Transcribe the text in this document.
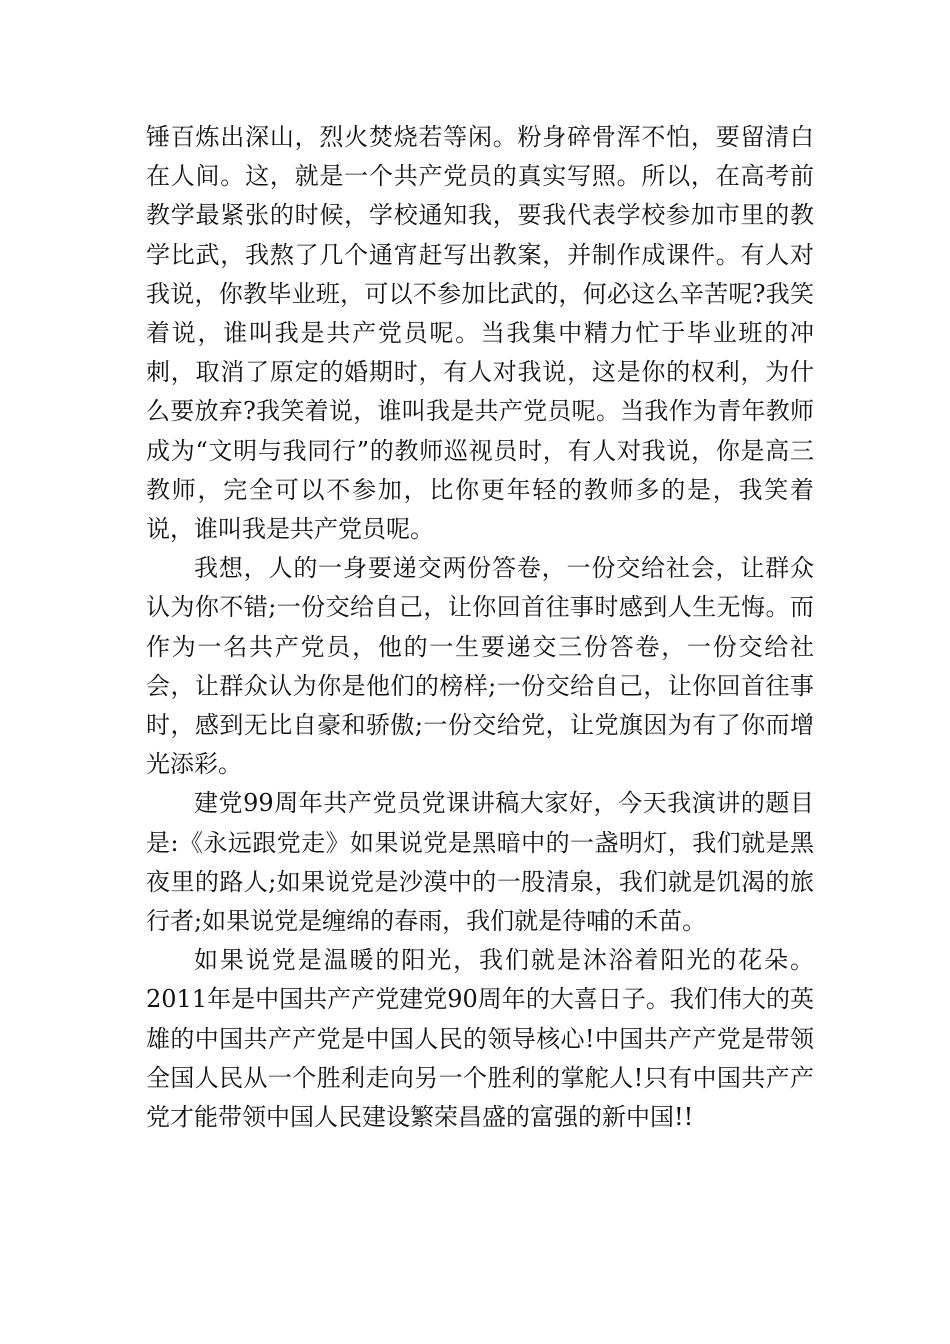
锤百炼出深山，烈火焚烧若等闲。粉身碎骨浑不怕，要留清白在人间。这，就是一个共产党员的真实写照。所以，在高考前教学最紧张的时候，学校通知我，要我代表学校参加市里的教学比武，我熬了几个通宵赶写出教案，并制作成课件。有人对我说，你教毕业班，可以不参加比武的，何必这么辛苦呢?我笑着说，谁叫我是共产党员呢。当我集中精力忙于毕业班的冲刺，取消了原定的婚期时，有人对我说，这是你的权利，为什么要放弃?我笑着说，谁叫我是共产党员呢。当我作为青年教师成为“文明与我同行”的教师巡视员时，有人对我说，你是高三教师，完全可以不参加，比你更年轻的教师多的是，我笑着说，谁叫我是共产党员呢。

我想，人的一身要递交两份答卷，一份交给社会，让群众认为你不错;一份交给自己，让你回首往事时感到人生无悔。而作为一名共产党员，他的一生要递交三份答卷，一份交给社会，让群众认为你是他们的榜样;一份交给自己，让你回首往事时，感到无比自豪和骄傲;一份交给党，让党旗因为有了你而增光添彩。

建党99周年共产党员党课讲稿大家好，今天我演讲的题目是:《永远跟党走》如果说党是黑暗中的一盏明灯，我们就是黑夜里的路人;如果说党是沙漠中的一股清泉，我们就是饥渴的旅行者;如果说党是缠绵的春雨，我们就是待哺的禾苗。

如果说党是温暖的阳光，我们就是沐浴着阳光的花朵。2011年是中国共产产党建党90周年的大喜日子。我们伟大的英雄的中国共产产党是中国人民的领导核心!中国共产产党是带领全国人民从一个胜利走向另一个胜利的掌舵人!只有中国共产产党才能带领中国人民建设繁荣昌盛的富强的新中国!!
